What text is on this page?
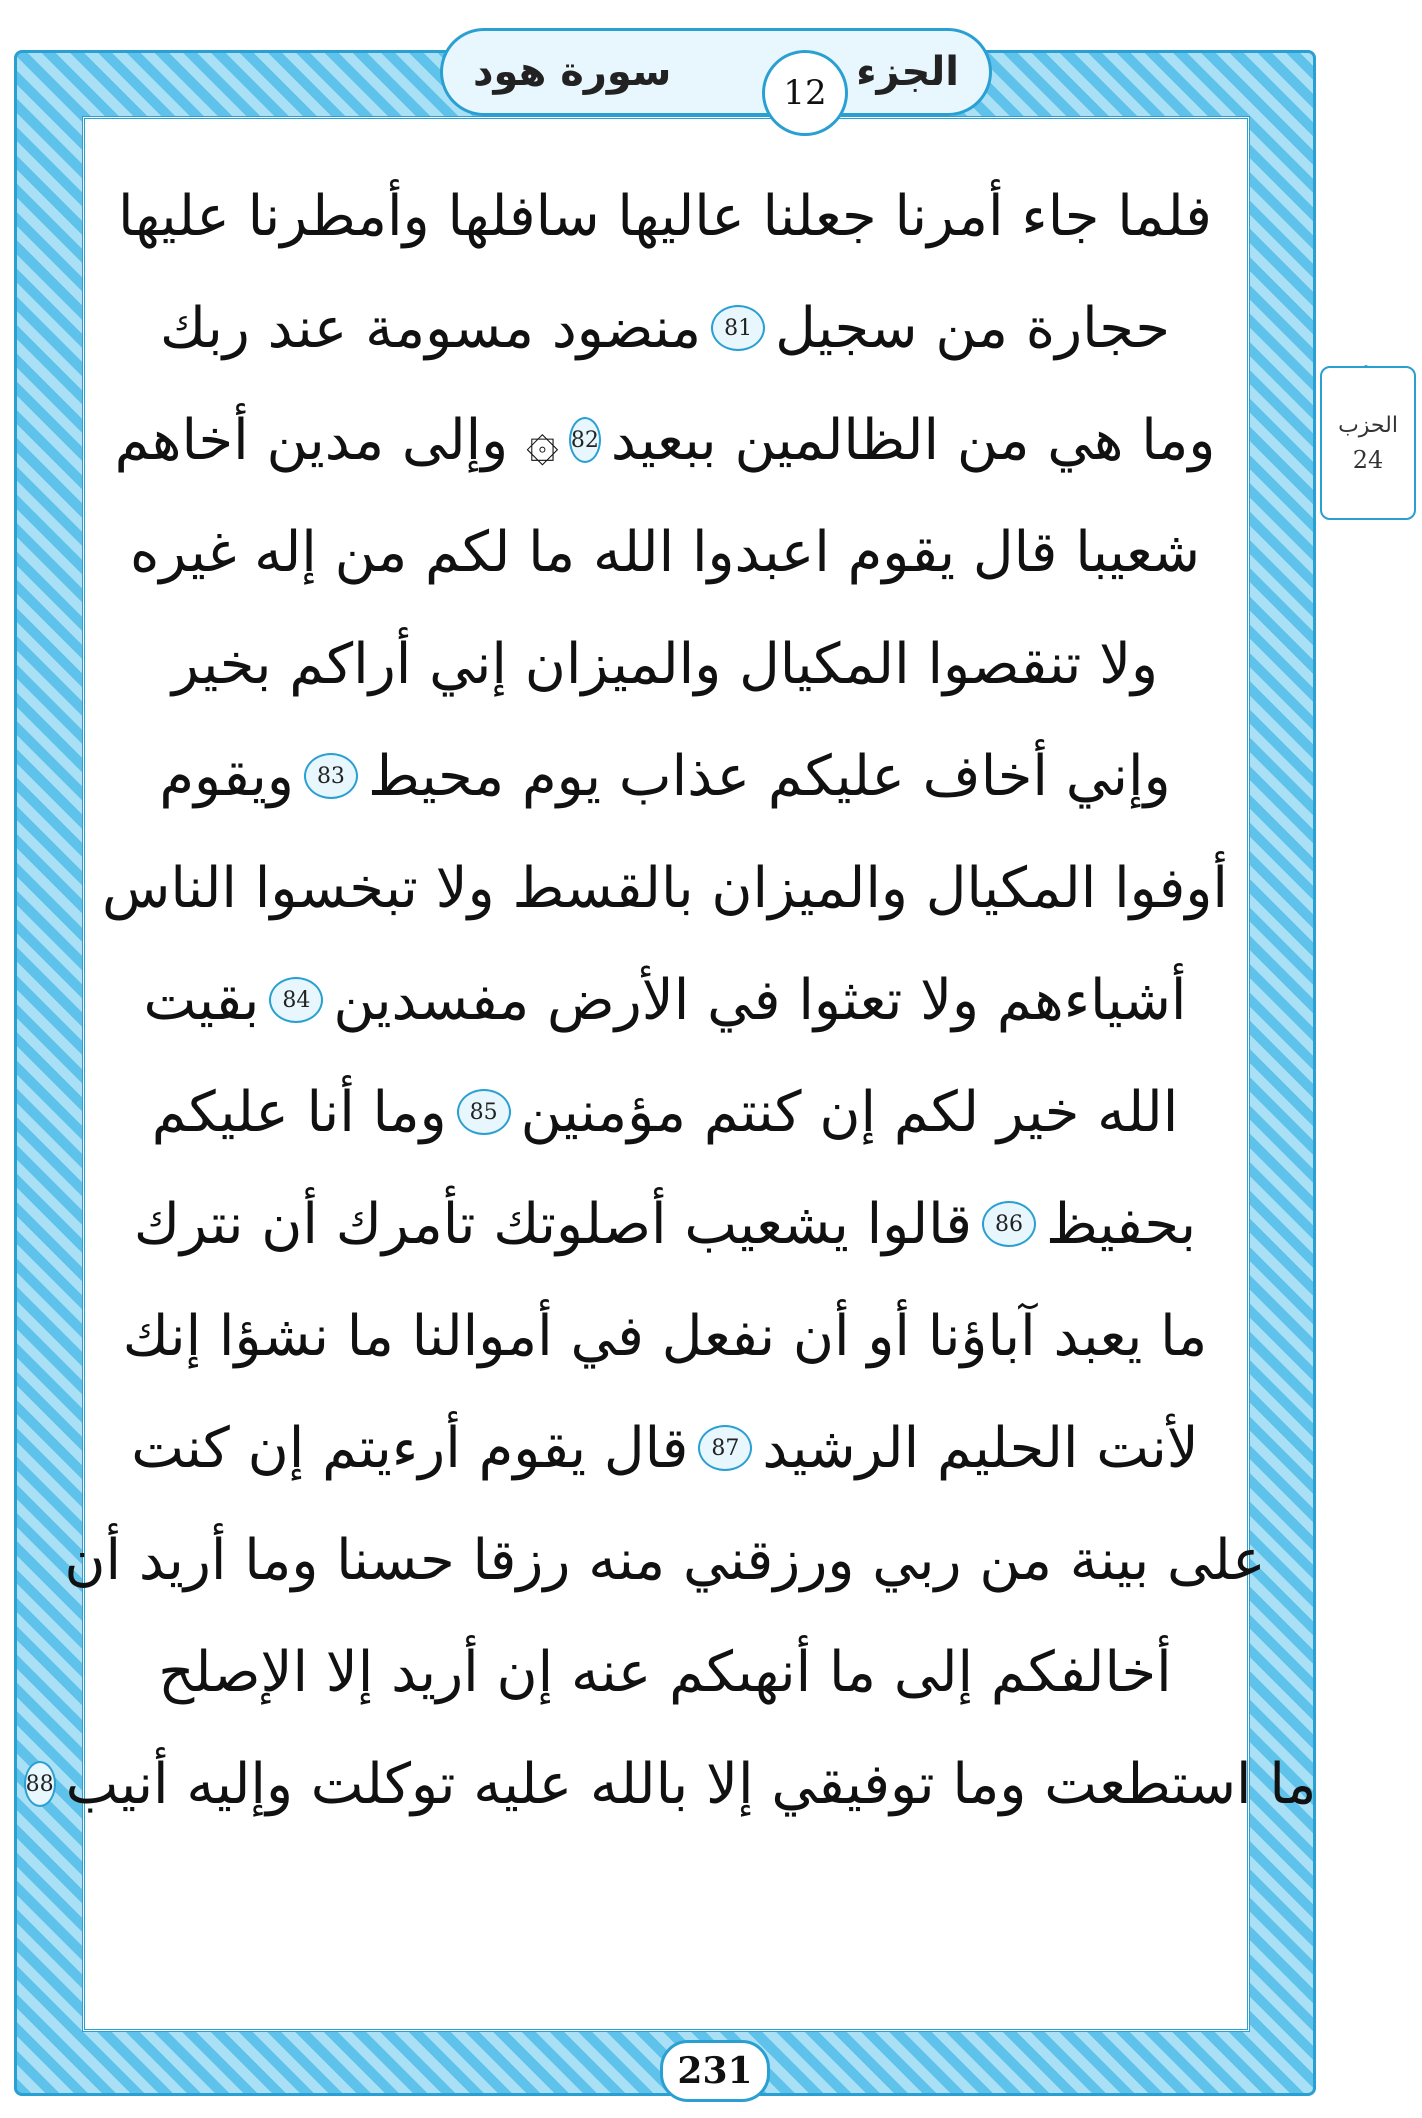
سورة هود	الجزء
12
الحزب
24
فلما جاء أمرنا جعلنا عاليها سافلها وأمطرنا عليها
حجارة من سجيل
81
منضود مسومة عند ربك
وما هي من الظالمين ببعيد
82
۞ وإلى مدين أخاهم
شعيبا قال يقوم اعبدوا الله ما لكم من إله غيره
ولا تنقصوا المكيال والميزان إني أراكم بخير
وإني أخاف عليكم عذاب يوم محيط
83
ويقوم
أوفوا المكيال والميزان بالقسط ولا تبخسوا الناس
أشياءهم ولا تعثوا في الأرض مفسدين
84
بقيت
الله خير لكم إن كنتم مؤمنين
85
وما أنا عليكم
بحفيظ
86
قالوا يشعيب أصلوتك تأمرك أن نترك
ما يعبد آباؤنا أو أن نفعل في أموالنا ما نشؤا إنك
لأنت الحليم الرشيد
87
قال يقوم أرءيتم إن كنت
على بينة من ربي ورزقني منه رزقا حسنا وما أريد أن
أخالفكم إلى ما أنهىكم عنه إن أريد إلا الإصلح
ما استطعت وما توفيقي إلا بالله عليه توكلت وإليه أنيب
88
231
